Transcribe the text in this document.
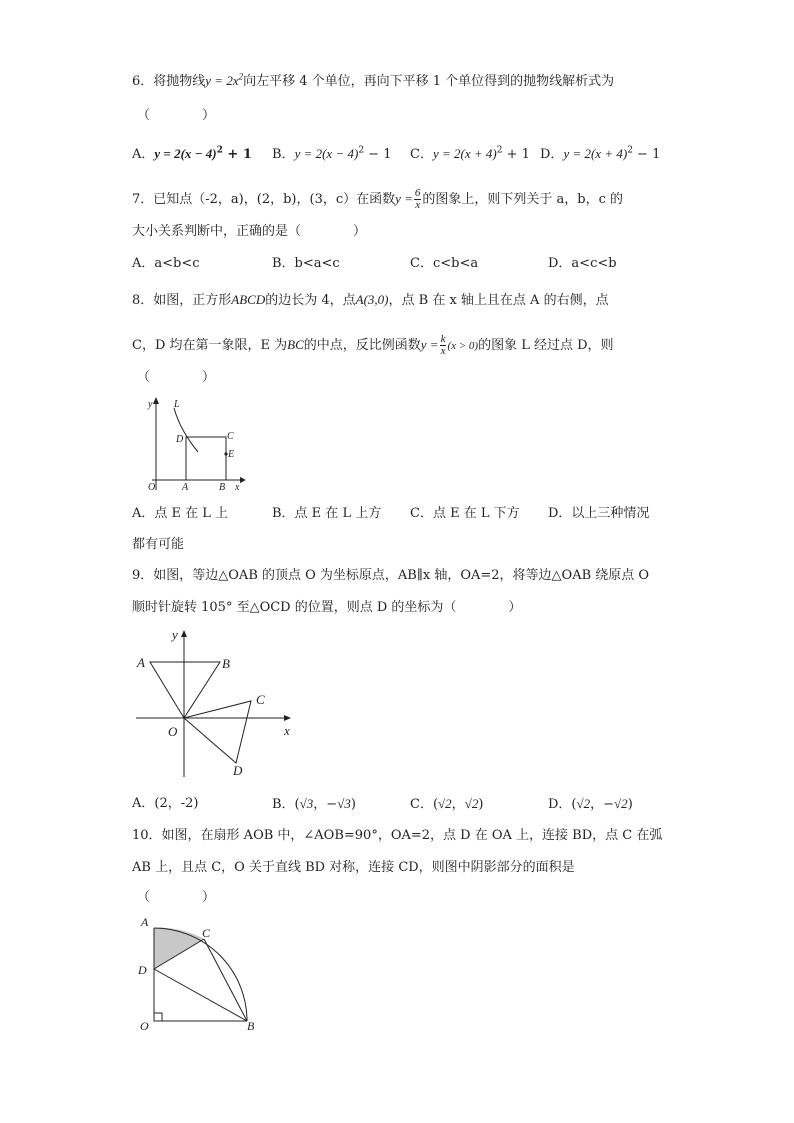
6．将抛物线$y = 2x^2$向左平移 4 个单位，再向下平移 1 个单位得到的抛物线解析式为
（　　　　）
A．$y = 2(x - 4)^2 + 1$ B．$y = 2(x - 4)^2 - 1$ C．$y = 2(x + 4)^2 + 1$ D．$y = 2(x + 4)^2 - 1$
7．已知点（-2，a)，(2，b)，(3，c）在函数$y = \frac{6}{x}$ 的图象上，则下列关于 a，b，c 的
大小关系判断中，正确的是（　　　　）
A．a<b<c	B．b<a<c	C．c<b<a	D．a<c<b
8．如图，正方形ABCD的边长为 4，点A(3,0)，点 B 在 x 轴上且在点 A 的右侧，点
C，D 均在第一象限，E 为BC的中点，反比例函数$y = \frac{k}{x} (x > 0)$的图象 L 经过点 D，则
（　　　　）
y
x
L
D	C
E
O	A	B
A．点 E 在 L 上	B．点 E 在 L 上方 C．点 E 在 L 下方 D．以上三种情况
都有可能
9．如图，等边△OAB 的顶点 O 为坐标原点，AB∥x 轴，OA=2，将等边△OAB 绕原点 O
顺时针旋转 105° 至△OCD 的位置，则点 D 的坐标为（　　　　）
y
x
A	B
C
O
D
A．(2，-2)	B．(√3，−√3)	C．(√2，√2)	D．(√2，−√2)
10．如图，在扇形 AOB 中，∠AOB=90°，OA=2，点 D 在 OA 上，连接 BD，点 C 在弧
AB 上，且点 C，O 关于直线 BD 对称，连接 CD，则图中阴影部分的面积是
（　　　　）
A
C
D
O	B
